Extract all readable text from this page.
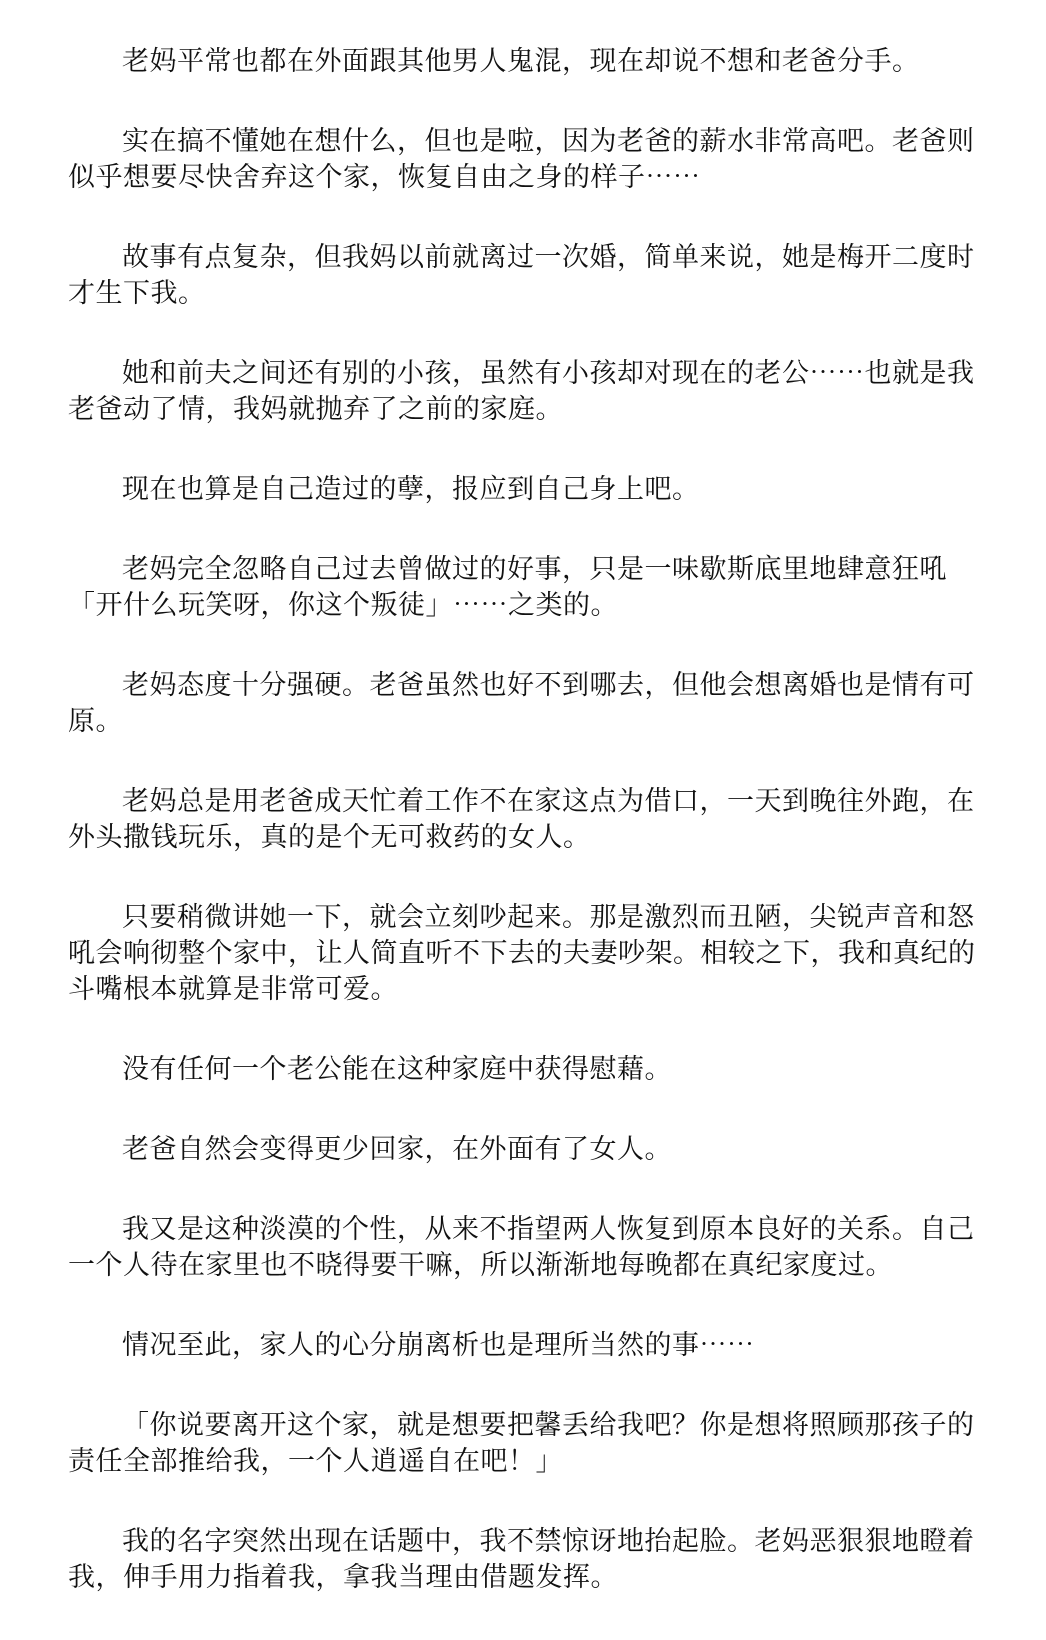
老妈平常也都在外面跟其他男人鬼混，现在却说不想和老爸分手。

实在搞不懂她在想什么，但也是啦，因为老爸的薪水非常高吧。老爸则似乎想要尽快舍弃这个家，恢复自由之身的样子⋯⋯

故事有点复杂，但我妈以前就离过一次婚，简单来说，她是梅开二度时才生下我。

她和前夫之间还有别的小孩，虽然有小孩却对现在的老公⋯⋯也就是我老爸动了情，我妈就抛弃了之前的家庭。

现在也算是自己造过的孽，报应到自己身上吧。

老妈完全忽略自己过去曾做过的好事，只是一味歇斯底里地肆意狂吼「开什么玩笑呀，你这个叛徒」⋯⋯之类的。

老妈态度十分强硬。老爸虽然也好不到哪去，但他会想离婚也是情有可原。

老妈总是用老爸成天忙着工作不在家这点为借口，一天到晚往外跑，在外头撒钱玩乐，真的是个无可救药的女人。

只要稍微讲她一下，就会立刻吵起来。那是激烈而丑陋，尖锐声音和怒吼会响彻整个家中，让人简直听不下去的夫妻吵架。相较之下，我和真纪的斗嘴根本就算是非常可爱。

没有任何一个老公能在这种家庭中获得慰藉。

老爸自然会变得更少回家，在外面有了女人。

我又是这种淡漠的个性，从来不指望两人恢复到原本良好的关系。自己一个人待在家里也不晓得要干嘛，所以渐渐地每晚都在真纪家度过。

情况至此，家人的心分崩离析也是理所当然的事⋯⋯

「你说要离开这个家，就是想要把馨丢给我吧？你是想将照顾那孩子的责任全部推给我，一个人逍遥自在吧！」

我的名字突然出现在话题中，我不禁惊讶地抬起脸。老妈恶狠狠地瞪着我，伸手用力指着我，拿我当理由借题发挥。
